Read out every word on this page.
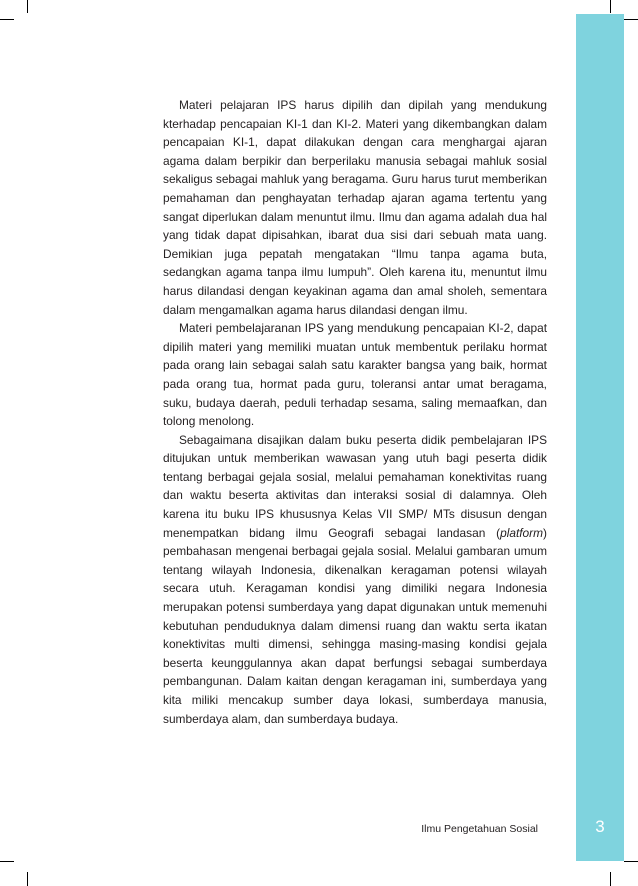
Materi pelajaran IPS harus dipilih dan dipilah yang mendukung kterhadap pencapaian KI-1 dan KI-2. Materi yang dikembangkan dalam pencapaian KI-1, dapat dilakukan dengan cara menghargai ajaran agama dalam berpikir dan berperilaku manusia sebagai mahluk sosial sekaligus sebagai mahluk yang beragama. Guru harus turut memberikan pemahaman dan penghayatan terhadap ajaran agama tertentu yang sangat diperlukan dalam menuntut ilmu. Ilmu dan agama adalah dua hal yang tidak dapat dipisahkan, ibarat dua sisi dari sebuah mata uang. Demikian juga pepatah mengatakan “Ilmu tanpa agama buta, sedangkan agama tanpa ilmu lumpuh”. Oleh karena itu, menuntut ilmu harus dilandasi dengan keyakinan agama dan amal sholeh, sementara dalam mengamalkan agama harus dilandasi dengan ilmu.

Materi pembelajaranan IPS yang mendukung pencapaian KI-2, dapat dipilih materi yang memiliki muatan untuk membentuk perilaku hormat pada orang lain sebagai salah satu karakter bangsa yang baik, hormat pada orang tua, hormat pada guru, toleransi antar umat beragama, suku, budaya daerah, peduli terhadap sesama, saling memaafkan, dan tolong menolong.

Sebagaimana disajikan dalam buku peserta didik pembelajaran IPS ditujukan untuk memberikan wawasan yang utuh bagi peserta didik tentang berbagai gejala sosial, melalui pemahaman konektivitas ruang dan waktu beserta aktivitas dan interaksi sosial di dalamnya. Oleh karena itu buku IPS khususnya Kelas VII SMP/ MTs disusun dengan menempatkan bidang ilmu Geografi sebagai landasan (platform) pembahasan mengenai berbagai gejala sosial. Melalui gambaran umum tentang wilayah Indonesia, dikenalkan keragaman potensi wilayah secara utuh. Keragaman kondisi yang dimiliki negara Indonesia merupakan potensi sumberdaya yang dapat digunakan untuk memenuhi kebutuhan penduduknya dalam dimensi ruang dan waktu serta ikatan konektivitas multi dimensi, sehingga masing-masing kondisi gejala beserta keunggulannya akan dapat berfungsi sebagai sumberdaya pembangunan. Dalam kaitan dengan keragaman ini, sumberdaya yang kita miliki mencakup sumber daya lokasi, sumberdaya manusia, sumberdaya alam, dan sumberdaya budaya.

Ilmu Pengetahuan Sosial	3
